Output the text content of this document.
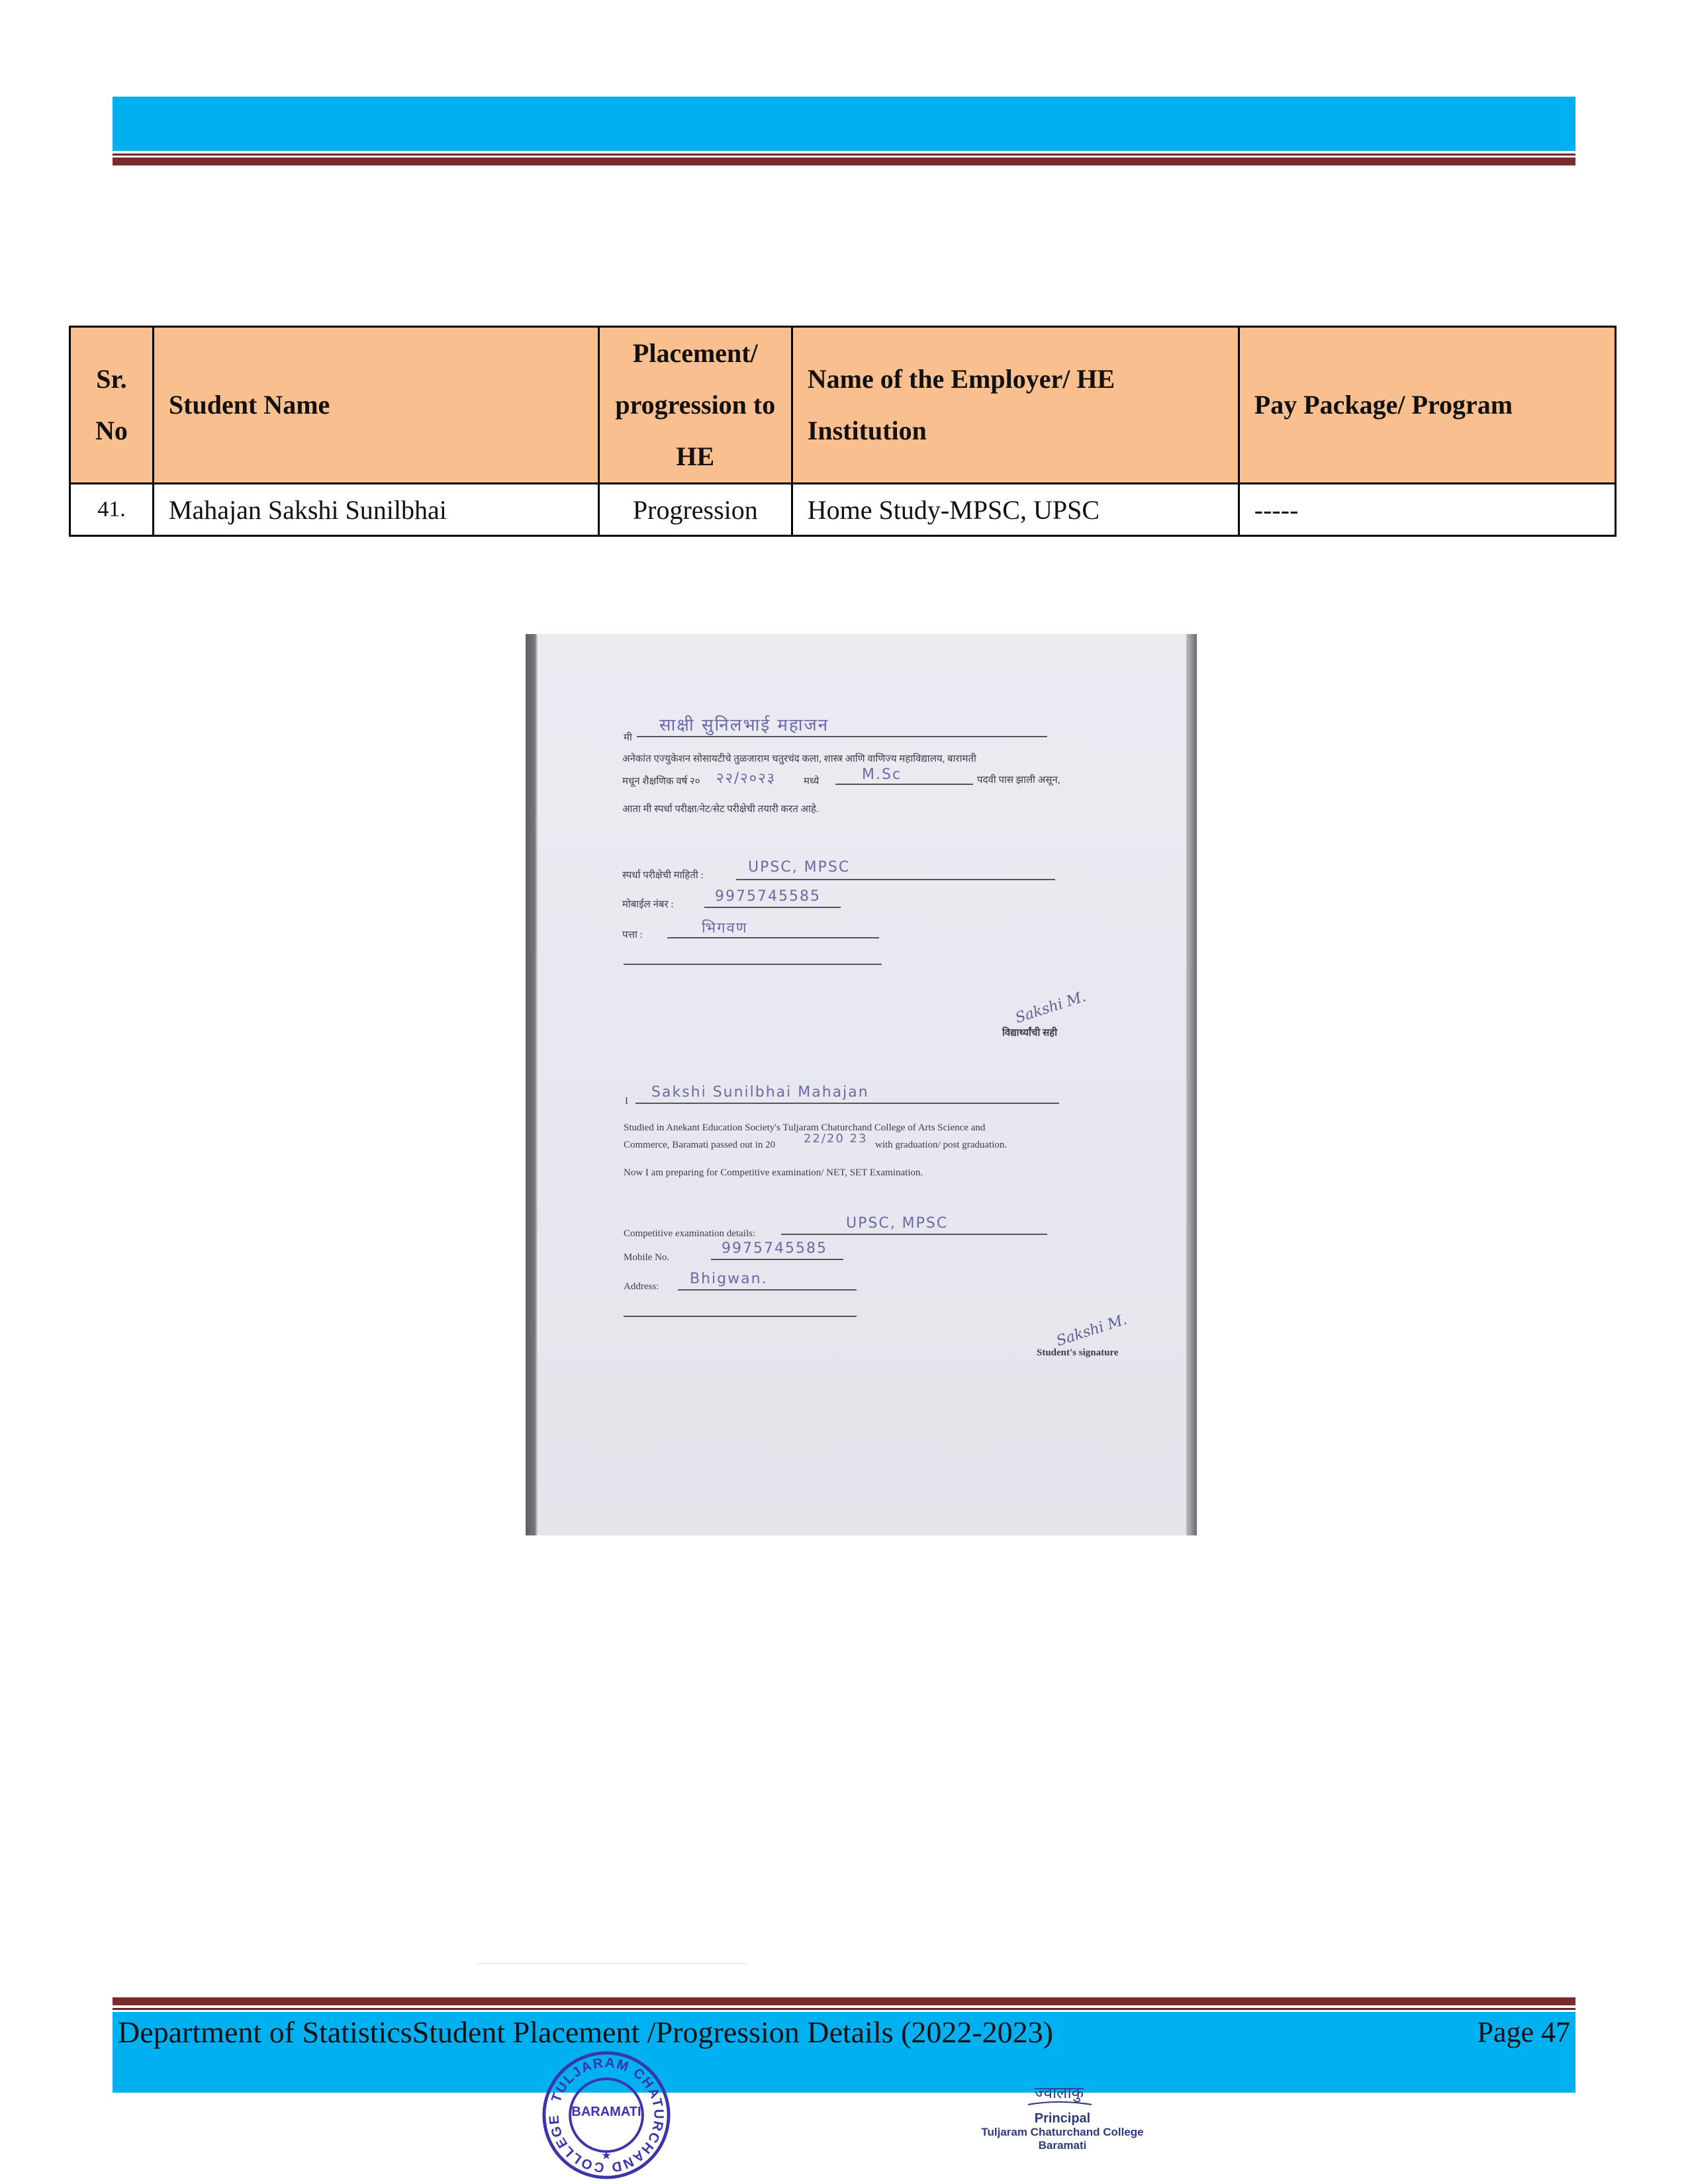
Sr. No	Student Name	Placement/ progression to HE	Name of the Employer/ HE Institution	Pay Package/ Program
41.	Mahajan Sakshi Sunilbhai	Progression	Home Study-MPSC, UPSC	-----
मी
साक्षी सुनिलभाई महाजन
अनेकांत एज्युकेशन सोसायटीचे तुळजाराम चतुरचंद कला, शास्त्र आणि वाणिज्य महाविद्यालय, बारामती
मधून शैक्षणिक वर्ष २० २२/२०२३	मध्ये	M.Sc	पदवी पास झाली असून,
आता मी स्पर्धा परीक्षा/नेट/सेट परीक्षेची तयारी करत आहे.
स्पर्धा परीक्षेची माहिती :	UPSC, MPSC
मोबाईल नंबर :	9975745585
पत्ता :	भिगवण
Sakshi M.
विद्यार्थ्यांची सही
I
Sakshi Sunilbhai Mahajan
Studied in Anekant Education Society's Tuljaram Chaturchand College of Arts Science and
Commerce, Baramati passed out in 20 22/20 23 with graduation/ post graduation.
Now I am preparing for Competitive examination/ NET, SET Examination.
Competitive examination details:
UPSC, MPSC
Mobile No.
9975745585
Address: Bhigwan.
Sakshi M.
Student's signature
Department of StatisticsStudent Placement /Progression Details (2022-2023)	Page 47
TULJARAM CHATURCHAND COLLEGE
★
BARAMATI
ज्वालाकु
Principal
Tuljaram Chaturchand College
Baramati
